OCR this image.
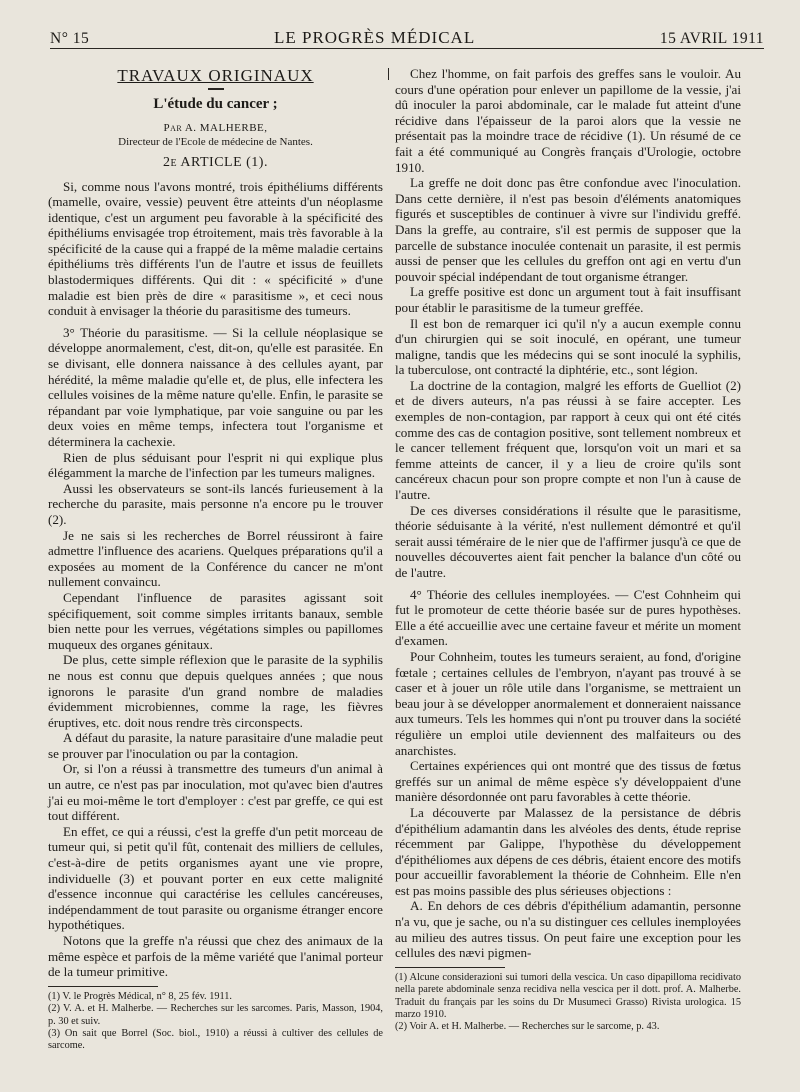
N° 15	LE PROGRÈS MÉDICAL	15 AVRIL 1911
TRAVAUX ORIGINAUX
L'étude du cancer ;
Par A. MALHERBE,
Directeur de l'Ecole de médecine de Nantes.
2e ARTICLE (1).

Si, comme nous l'avons montré, trois épithéliums différents (mamelle, ovaire, vessie) peuvent être atteints d'un néoplasme identique, c'est un argument peu favorable à la spécificité des épithéliums envisagée trop étroitement, mais très favorable à la spécificité de la cause qui a frappé de la même maladie certains épithéliums très différents l'un de l'autre et issus de feuillets blastodermiques différents. Qui dit : « spécificité » d'une maladie est bien près de dire « parasitisme », et ceci nous conduit à envisager la théorie du parasitisme des tumeurs.

3° Théorie du parasitisme. — Si la cellule néoplasique se développe anormalement, c'est, dit-on, qu'elle est parasitée. En se divisant, elle donnera naissance à des cellules ayant, par hérédité, la même maladie qu'elle et, de plus, elle infectera les cellules voisines de la même nature qu'elle. Enfin, le parasite se répandant par voie lymphatique, par voie sanguine ou par les deux voies en même temps, infectera tout l'organisme et déterminera la cachexie.

Rien de plus séduisant pour l'esprit ni qui explique plus élégamment la marche de l'infection par les tumeurs malignes.

Aussi les observateurs se sont-ils lancés furieusement à la recherche du parasite, mais personne n'a encore pu le trouver (2).

Je ne sais si les recherches de Borrel réussiront à faire admettre l'influence des acariens. Quelques préparations qu'il a exposées au moment de la Conférence du cancer ne m'ont nullement convaincu.

Cependant l'influence de parasites agissant soit spécifiquement, soit comme simples irritants banaux, semble bien nette pour les verrues, végétations simples ou papillomes muqueux des organes génitaux.

De plus, cette simple réflexion que le parasite de la syphilis ne nous est connu que depuis quelques années ; que nous ignorons le parasite d'un grand nombre de maladies évidemment microbiennes, comme la rage, les fièvres éruptives, etc. doit nous rendre très circonspects.

A défaut du parasite, la nature parasitaire d'une maladie peut se prouver par l'inoculation ou par la contagion.

Or, si l'on a réussi à transmettre des tumeurs d'un animal à un autre, ce n'est pas par inoculation, mot qu'avec bien d'autres j'ai eu moi-même le tort d'employer : c'est par greffe, ce qui est tout différent.

En effet, ce qui a réussi, c'est la greffe d'un petit morceau de tumeur qui, si petit qu'il fût, contenait des milliers de cellules, c'est-à-dire de petits organismes ayant une vie propre, individuelle (3) et pouvant porter en eux cette malignité d'essence inconnue qui caractérise les cellules cancéreuses, indépendamment de tout parasite ou organisme étranger encore hypothétiques.

Notons que la greffe n'a réussi que chez des animaux de la même espèce et parfois de la même variété que l'animal porteur de la tumeur primitive.

(1) V. le Progrès Médical, n° 8, 25 fév. 1911.

(2) V. A. et H. Malherbe. — Recherches sur les sarcomes. Paris, Masson, 1904, p. 30 et suiv.

(3) On sait que Borrel (Soc. biol., 1910) a réussi à cultiver des cellules de sarcome.

Chez l'homme, on fait parfois des greffes sans le vouloir. Au cours d'une opération pour enlever un papillome de la vessie, j'ai dû inoculer la paroi abdominale, car le malade fut atteint d'une récidive dans l'épaisseur de la paroi alors que la vessie ne présentait pas la moindre trace de récidive (1). Un résumé de ce fait a été communiqué au Congrès français d'Urologie, octobre 1910.

La greffe ne doit donc pas être confondue avec l'inoculation. Dans cette dernière, il n'est pas besoin d'éléments anatomiques figurés et susceptibles de continuer à vivre sur l'individu greffé. Dans la greffe, au contraire, s'il est permis de supposer que la parcelle de substance inoculée contenait un parasite, il est permis aussi de penser que les cellules du greffon ont agi en vertu d'un pouvoir spécial indépendant de tout organisme étranger.

La greffe positive est donc un argument tout à fait insuffisant pour établir le parasitisme de la tumeur greffée.

Il est bon de remarquer ici qu'il n'y a aucun exemple connu d'un chirurgien qui se soit inoculé, en opérant, une tumeur maligne, tandis que les médecins qui se sont inoculé la syphilis, la tuberculose, ont contracté la diphtérie, etc., sont légion.

La doctrine de la contagion, malgré les efforts de Guelliot (2) et de divers auteurs, n'a pas réussi à se faire accepter. Les exemples de non-contagion, par rapport à ceux qui ont été cités comme des cas de contagion positive, sont tellement nombreux et le cancer tellement fréquent que, lorsqu'on voit un mari et sa femme atteints de cancer, il y a lieu de croire qu'ils sont cancéreux chacun pour son propre compte et non l'un à cause de l'autre.

De ces diverses considérations il résulte que le parasitisme, théorie séduisante à la vérité, n'est nullement démontré et qu'il serait aussi téméraire de le nier que de l'affirmer jusqu'à ce que de nouvelles découvertes aient fait pencher la balance d'un côté ou de l'autre.

4° Théorie des cellules inemployées. — C'est Cohnheim qui fut le promoteur de cette théorie basée sur de pures hypothèses. Elle a été accueillie avec une certaine faveur et mérite un moment d'examen.

Pour Cohnheim, toutes les tumeurs seraient, au fond, d'origine fœtale ; certaines cellules de l'embryon, n'ayant pas trouvé à se caser et à jouer un rôle utile dans l'organisme, se mettraient un beau jour à se développer anormalement et donneraient naissance aux tumeurs. Tels les hommes qui n'ont pu trouver dans la société régulière un emploi utile deviennent des malfaiteurs ou des anarchistes.

Certaines expériences qui ont montré que des tissus de fœtus greffés sur un animal de même espèce s'y développaient d'une manière désordonnée ont paru favorables à cette théorie.

La découverte par Malassez de la persistance de débris d'épithélium adamantin dans les alvéoles des dents, étude reprise récemment par Galippe, l'hypothèse du développement d'épithéliomes aux dépens de ces débris, étaient encore des motifs pour accueillir favorablement la théorie de Cohnheim. Elle n'en est pas moins passible des plus sérieuses objections :

A. En dehors de ces débris d'épithélium adamantin, personne n'a vu, que je sache, ou n'a su distinguer ces cellules inemployées au milieu des autres tissus. On peut faire une exception pour les cellules des nævi pigmen-

(1) Alcune considerazioni sui tumori della vescica. Un caso dipapilloma recidivato nella parete abdominale senza recidiva nella vescica per il dott. prof. A. Malherbe. Traduit du français par les soins du Dr Musumeci Grasso) Rivista urologica. 15 marzo 1910.

(2) Voir A. et H. Malherbe. — Recherches sur le sarcome, p. 43.
